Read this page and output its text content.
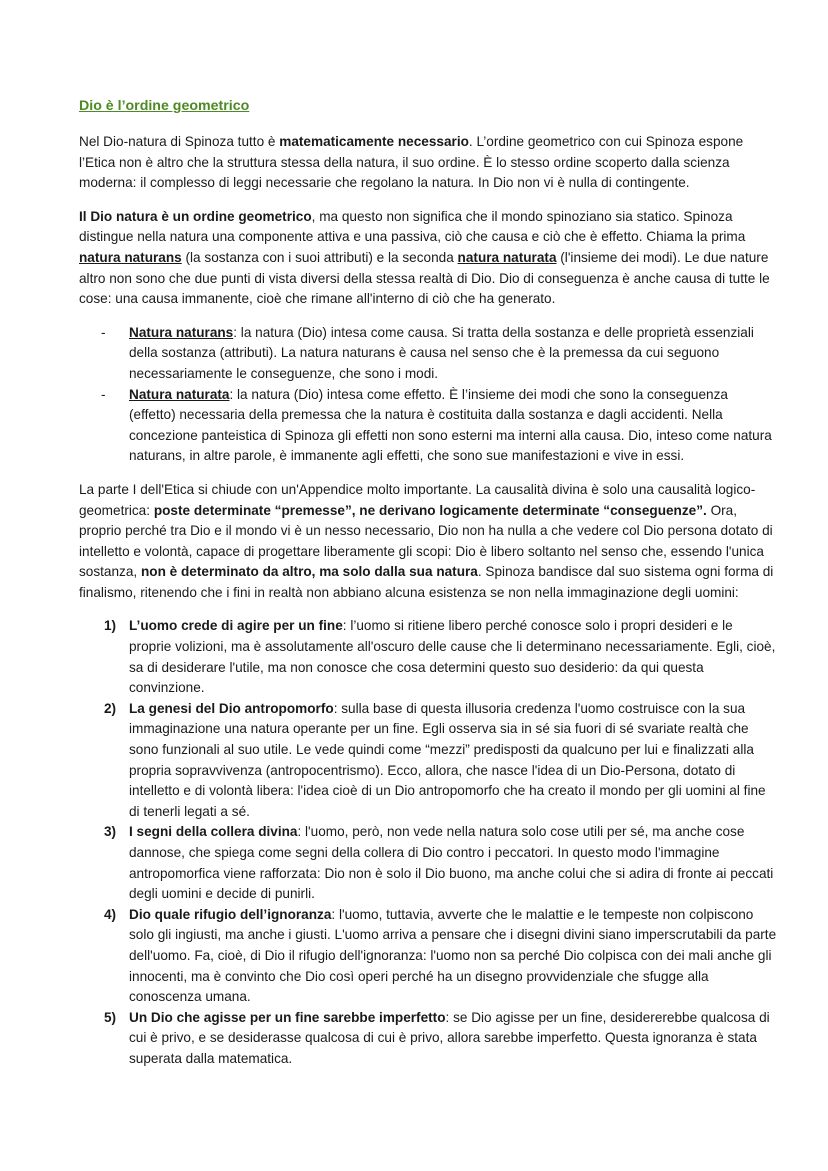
Dio è l’ordine geometrico

Nel Dio-natura di Spinoza tutto è matematicamente necessario. L’ordine geometrico con cui Spinoza espone l’Etica non è altro che la struttura stessa della natura, il suo ordine. È lo stesso ordine scoperto dalla scienza moderna: il complesso di leggi necessarie che regolano la natura. In Dio non vi è nulla di contingente.

Il Dio natura è un ordine geometrico, ma questo non significa che il mondo spinoziano sia statico. Spinoza distingue nella natura una componente attiva e una passiva, ciò che causa e ciò che è effetto. Chiama la prima natura naturans (la sostanza con i suoi attributi) e la seconda natura naturata (l'insieme dei modi). Le due nature altro non sono che due punti di vista diversi della stessa realtà di Dio. Dio di conseguenza è anche causa di tutte le cose: una causa immanente, cioè che rimane all'interno di ciò che ha generato.

- Natura naturans: la natura (Dio) intesa come causa. Si tratta della sostanza e delle proprietà essenziali della sostanza (attributi). La natura naturans è causa nel senso che è la premessa da cui seguono necessariamente le conseguenze, che sono i modi.
- Natura naturata: la natura (Dio) intesa come effetto. È l’insieme dei modi che sono la conseguenza (effetto) necessaria della premessa che la natura è costituita dalla sostanza e dagli accidenti. Nella concezione panteistica di Spinoza gli effetti non sono esterni ma interni alla causa. Dio, inteso come natura naturans, in altre parole, è immanente agli effetti, che sono sue manifestazioni e vive in essi.

La parte I dell'Etica si chiude con un'Appendice molto importante. La causalità divina è solo una causalità logico-geometrica: poste determinate “premesse”, ne derivano logicamente determinate “conseguenze”. Ora, proprio perché tra Dio e il mondo vi è un nesso necessario, Dio non ha nulla a che vedere col Dio persona dotato di intelletto e volontà, capace di progettare liberamente gli scopi: Dio è libero soltanto nel senso che, essendo l'unica sostanza, non è determinato da altro, ma solo dalla sua natura. Spinoza bandisce dal suo sistema ogni forma di finalismo, ritenendo che i fini in realtà non abbiano alcuna esistenza se non nella immaginazione degli uomini:

1) L’uomo crede di agire per un fine: l’uomo si ritiene libero perché conosce solo i propri desideri e le proprie volizioni, ma è assolutamente all'oscuro delle cause che li determinano necessariamente. Egli, cioè, sa di desiderare l'utile, ma non conosce che cosa determini questo suo desiderio: da qui questa convinzione.
2) La genesi del Dio antropomorfo: sulla base di questa illusoria credenza l'uomo costruisce con la sua immaginazione una natura operante per un fine. Egli osserva sia in sé sia fuori di sé svariate realtà che sono funzionali al suo utile. Le vede quindi come “mezzi” predisposti da qualcuno per lui e finalizzati alla propria sopravvivenza (antropocentrismo). Ecco, allora, che nasce l'idea di un Dio-Persona, dotato di intelletto e di volontà libera: l'idea cioè di un Dio antropomorfo che ha creato il mondo per gli uomini al fine di tenerli legati a sé.
3) I segni della collera divina: l'uomo, però, non vede nella natura solo cose utili per sé, ma anche cose dannose, che spiega come segni della collera di Dio contro i peccatori. In questo modo l'immagine antropomorfica viene rafforzata: Dio non è solo il Dio buono, ma anche colui che si adira di fronte ai peccati degli uomini e decide di punirli.
4) Dio quale rifugio dell’ignoranza: l'uomo, tuttavia, avverte che le malattie e le tempeste non colpiscono solo gli ingiusti, ma anche i giusti. L'uomo arriva a pensare che i disegni divini siano imperscrutabili da parte dell'uomo. Fa, cioè, di Dio il rifugio dell'ignoranza: l'uomo non sa perché Dio colpisca con dei mali anche gli innocenti, ma è convinto che Dio così operi perché ha un disegno provvidenziale che sfugge alla conoscenza umana.
5) Un Dio che agisse per un fine sarebbe imperfetto: se Dio agisse per un fine, desidererebbe qualcosa di cui è privo, e se desiderasse qualcosa di cui è privo, allora sarebbe imperfetto. Questa ignoranza è stata superata dalla matematica.
